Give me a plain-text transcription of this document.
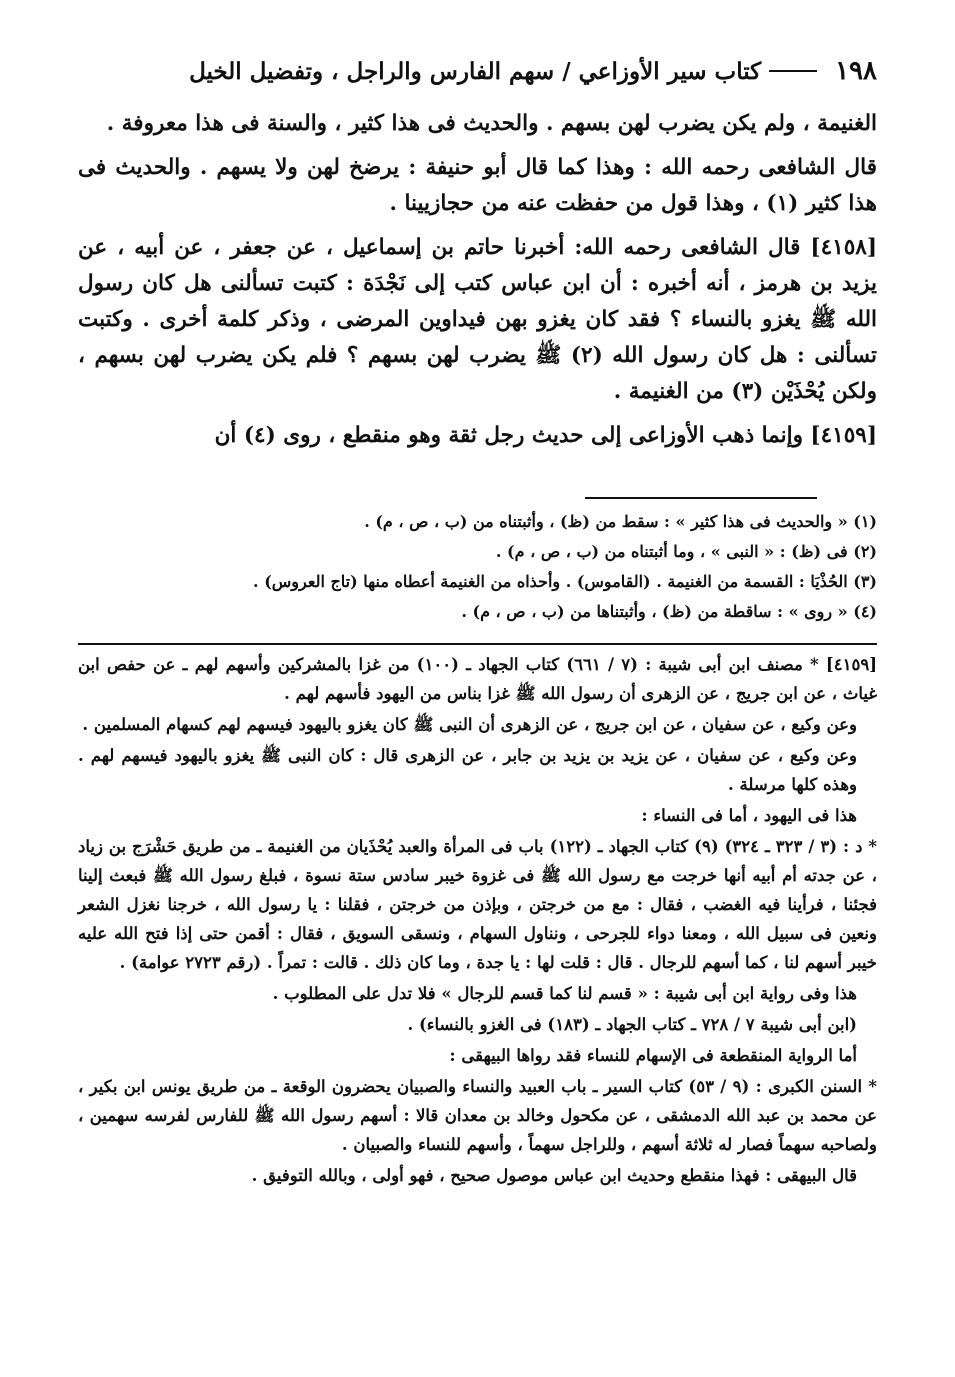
١٩٨
كتاب سير الأوزاعي / سهم الفارس والراجل ، وتفضيل الخيل

الغنيمة ، ولم يكن يضرب لهن بسهم . والحديث فى هذا كثير ، والسنة فى هذا معروفة .

قال الشافعى رحمه الله : وهذا كما قال أبو حنيفة : يرضخ لهن ولا يسهم . والحديث فى هذا كثير (١) ، وهذا قول من حفظت عنه من حجازيينا .

[٤١٥٨] قال الشافعى رحمه الله: أخبرنا حاتم بن إسماعيل ، عن جعفر ، عن أبيه ، عن يزيد بن هرمز ، أنه أخبره : أن ابن عباس كتب إلى نَجْدَة : كتبت تسألنى هل كان رسول الله ﷺ يغزو بالنساء ؟ فقد كان يغزو بهن فيداوين المرضى ، وذكر كلمة أخرى . وكتبت تسألنى : هل كان رسول الله (٢) ﷺ يضرب لهن بسهم ؟ فلم يكن يضرب لهن بسهم ، ولكن يُحْذَيْن (٣) من الغنيمة .

[٤١٥٩] وإنما ذهب الأوزاعى إلى حديث رجل ثقة وهو منقطع ، روى (٤) أن

(١) « والحديث فى هذا كثير » : سقط من (ظ) ، وأثبتناه من (ب ، ص ، م) .
(٢) فى (ظ) : « النبى » ، وما أثبتناه من (ب ، ص ، م) .
(٣) الحُذْيَا : القسمة من الغنيمة . (القاموس) . وأحذاه من الغنيمة أعطاه منها (تاج العروس) .
(٤) « روى » : ساقطة من (ظ) ، وأثبتناها من (ب ، ص ، م) .

[٤١٥٩] * مصنف ابن أبى شيبة : (٧ / ٦٦١) كتاب الجهاد ـ (١٠٠) من غزا بالمشركين وأسهم لهم ـ عن حفص ابن غياث ، عن ابن جريج ، عن الزهرى أن رسول الله ﷺ غزا بناس من اليهود فأسهم لهم .

وعن وكيع ، عن سفيان ، عن ابن جريج ، عن الزهرى أن النبى ﷺ كان يغزو باليهود فيسهم لهم كسهام المسلمين .

وعن وكيع ، عن سفيان ، عن يزيد بن يزيد بن جابر ، عن الزهرى قال : كان النبى ﷺ يغزو باليهود فيسهم لهم . وهذه كلها مرسلة .

هذا فى اليهود ، أما فى النساء :

* د : (٣ / ٣٢٣ ـ ٣٢٤) (٩) كتاب الجهاد ـ (١٢٢) باب فى المرأة والعبد يُحْذَيان من الغنيمة ـ من طريق حَشْرَج بن زياد ، عن جدته أم أبيه أنها خرجت مع رسول الله ﷺ فى غزوة خيبر سادس ستة نسوة ، فبلغ رسول الله ﷺ فبعث إلينا فجئنا ، فرأينا فيه الغضب ، فقال : مع من خرجتن ، وبإذن من خرجتن ، فقلنا : يا رسول الله ، خرجنا نغزل الشعر ونعين فى سبيل الله ، ومعنا دواء للجرحى ، ونناول السهام ، ونسقى السويق ، فقال : أقمن حتى إذا فتح الله عليه خيبر أسهم لنا ، كما أسهم للرجال . قال : قلت لها : يا جدة ، وما كان ذلك . قالت : تمراً . (رقم ٢٧٢٣ عوامة) .

هذا وفى رواية ابن أبى شيبة : « قسم لنا كما قسم للرجال » فلا تدل على المطلوب .

(ابن أبى شيبة ٧ / ٧٢٨ ـ كتاب الجهاد ـ (١٨٣) فى الغزو بالنساء) .

أما الرواية المنقطعة فى الإسهام للنساء فقد رواها البيهقى :

* السنن الكبرى : (٩ / ٥٣) كتاب السير ـ باب العبيد والنساء والصبيان يحضرون الوقعة ـ من طريق يونس ابن بكير ، عن محمد بن عبد الله الدمشقى ، عن مكحول وخالد بن معدان قالا : أسهم رسول الله ﷺ للفارس لفرسه سهمين ، ولصاحبه سهماً فصار له ثلاثة أسهم ، وللراجل سهماً ، وأسهم للنساء والصبيان .

قال البيهقى : فهذا منقطع وحديث ابن عباس موصول صحيح ، فهو أولى ، وبالله التوفيق .
